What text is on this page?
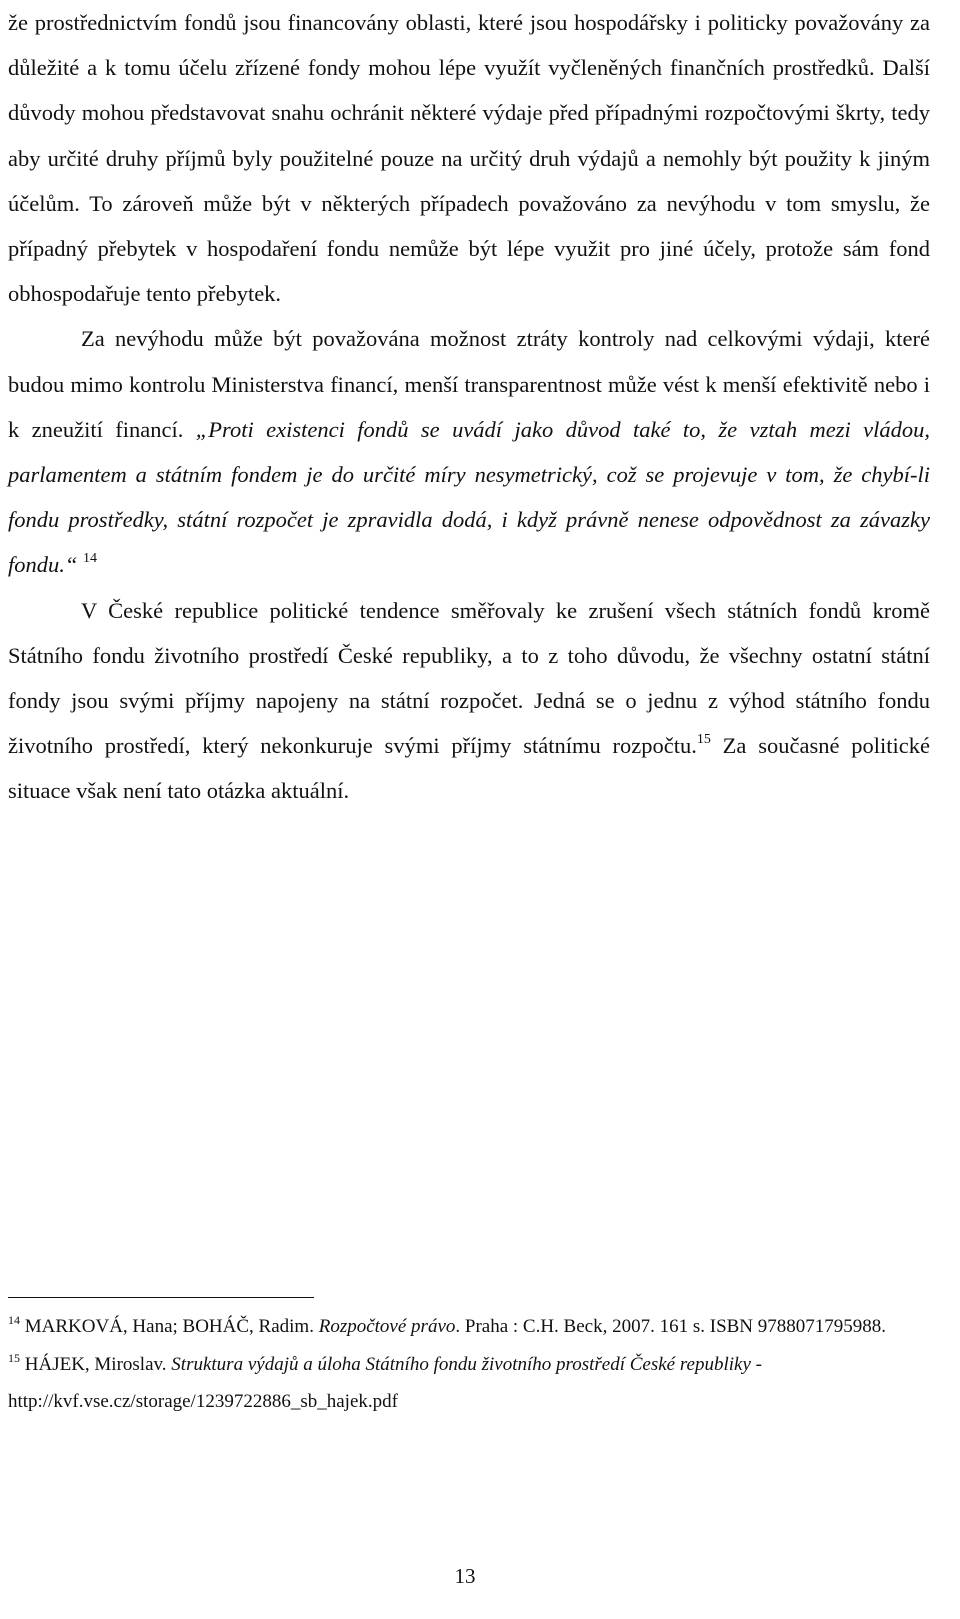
že prostřednictvím fondů jsou financovány oblasti, které jsou hospodářsky i politicky považovány za důležité a k tomu účelu zřízené fondy mohou lépe využít vyčleněných finančních prostředků. Další důvody mohou představovat snahu ochránit některé výdaje před případnými rozpočtovými škrty, tedy aby určité druhy příjmů byly použitelné pouze na určitý druh výdajů a nemohly být použity k jiným účelům. To zároveň může být v některých případech považováno za nevýhodu v tom smyslu, že případný přebytek v hospodaření fondu nemůže být lépe využit pro jiné účely, protože sám fond obhospodařuje tento přebytek.

Za nevýhodu může být považována možnost ztráty kontroly nad celkovými výdaji, které budou mimo kontrolu Ministerstva financí, menší transparentnost může vést k menší efektivitě nebo i k zneužití financí. „Proti existenci fondů se uvádí jako důvod také to, že vztah mezi vládou, parlamentem a státním fondem je do určité míry nesymetrický, což se projevuje v tom, že chybí-li fondu prostředky, státní rozpočet je zpravidla dodá, i když právně nenese odpovědnost za závazky fondu.“ $^{14}$

V České republice politické tendence směřovaly ke zrušení všech státních fondů kromě Státního fondu životního prostředí České republiky, a to z toho důvodu, že všechny ostatní státní fondy jsou svými příjmy napojeny na státní rozpočet. Jedná se o jednu z výhod státního fondu životního prostředí, který nekonkuruje svými příjmy státnímu rozpočtu.$^{15}$ Za současné politické situace však není tato otázka aktuální.

$^{14}$ MARKOVÁ, Hana; BOHÁČ, Radim. Rozpočtové právo. Praha : C.H. Beck, 2007. 161 s. ISBN 9788071795988.

$^{15}$ HÁJEK, Miroslav. Struktura výdajů a úloha Státního fondu životního prostředí České republiky - http://kvf.vse.cz/storage/1239722886_sb_hajek.pdf

13
